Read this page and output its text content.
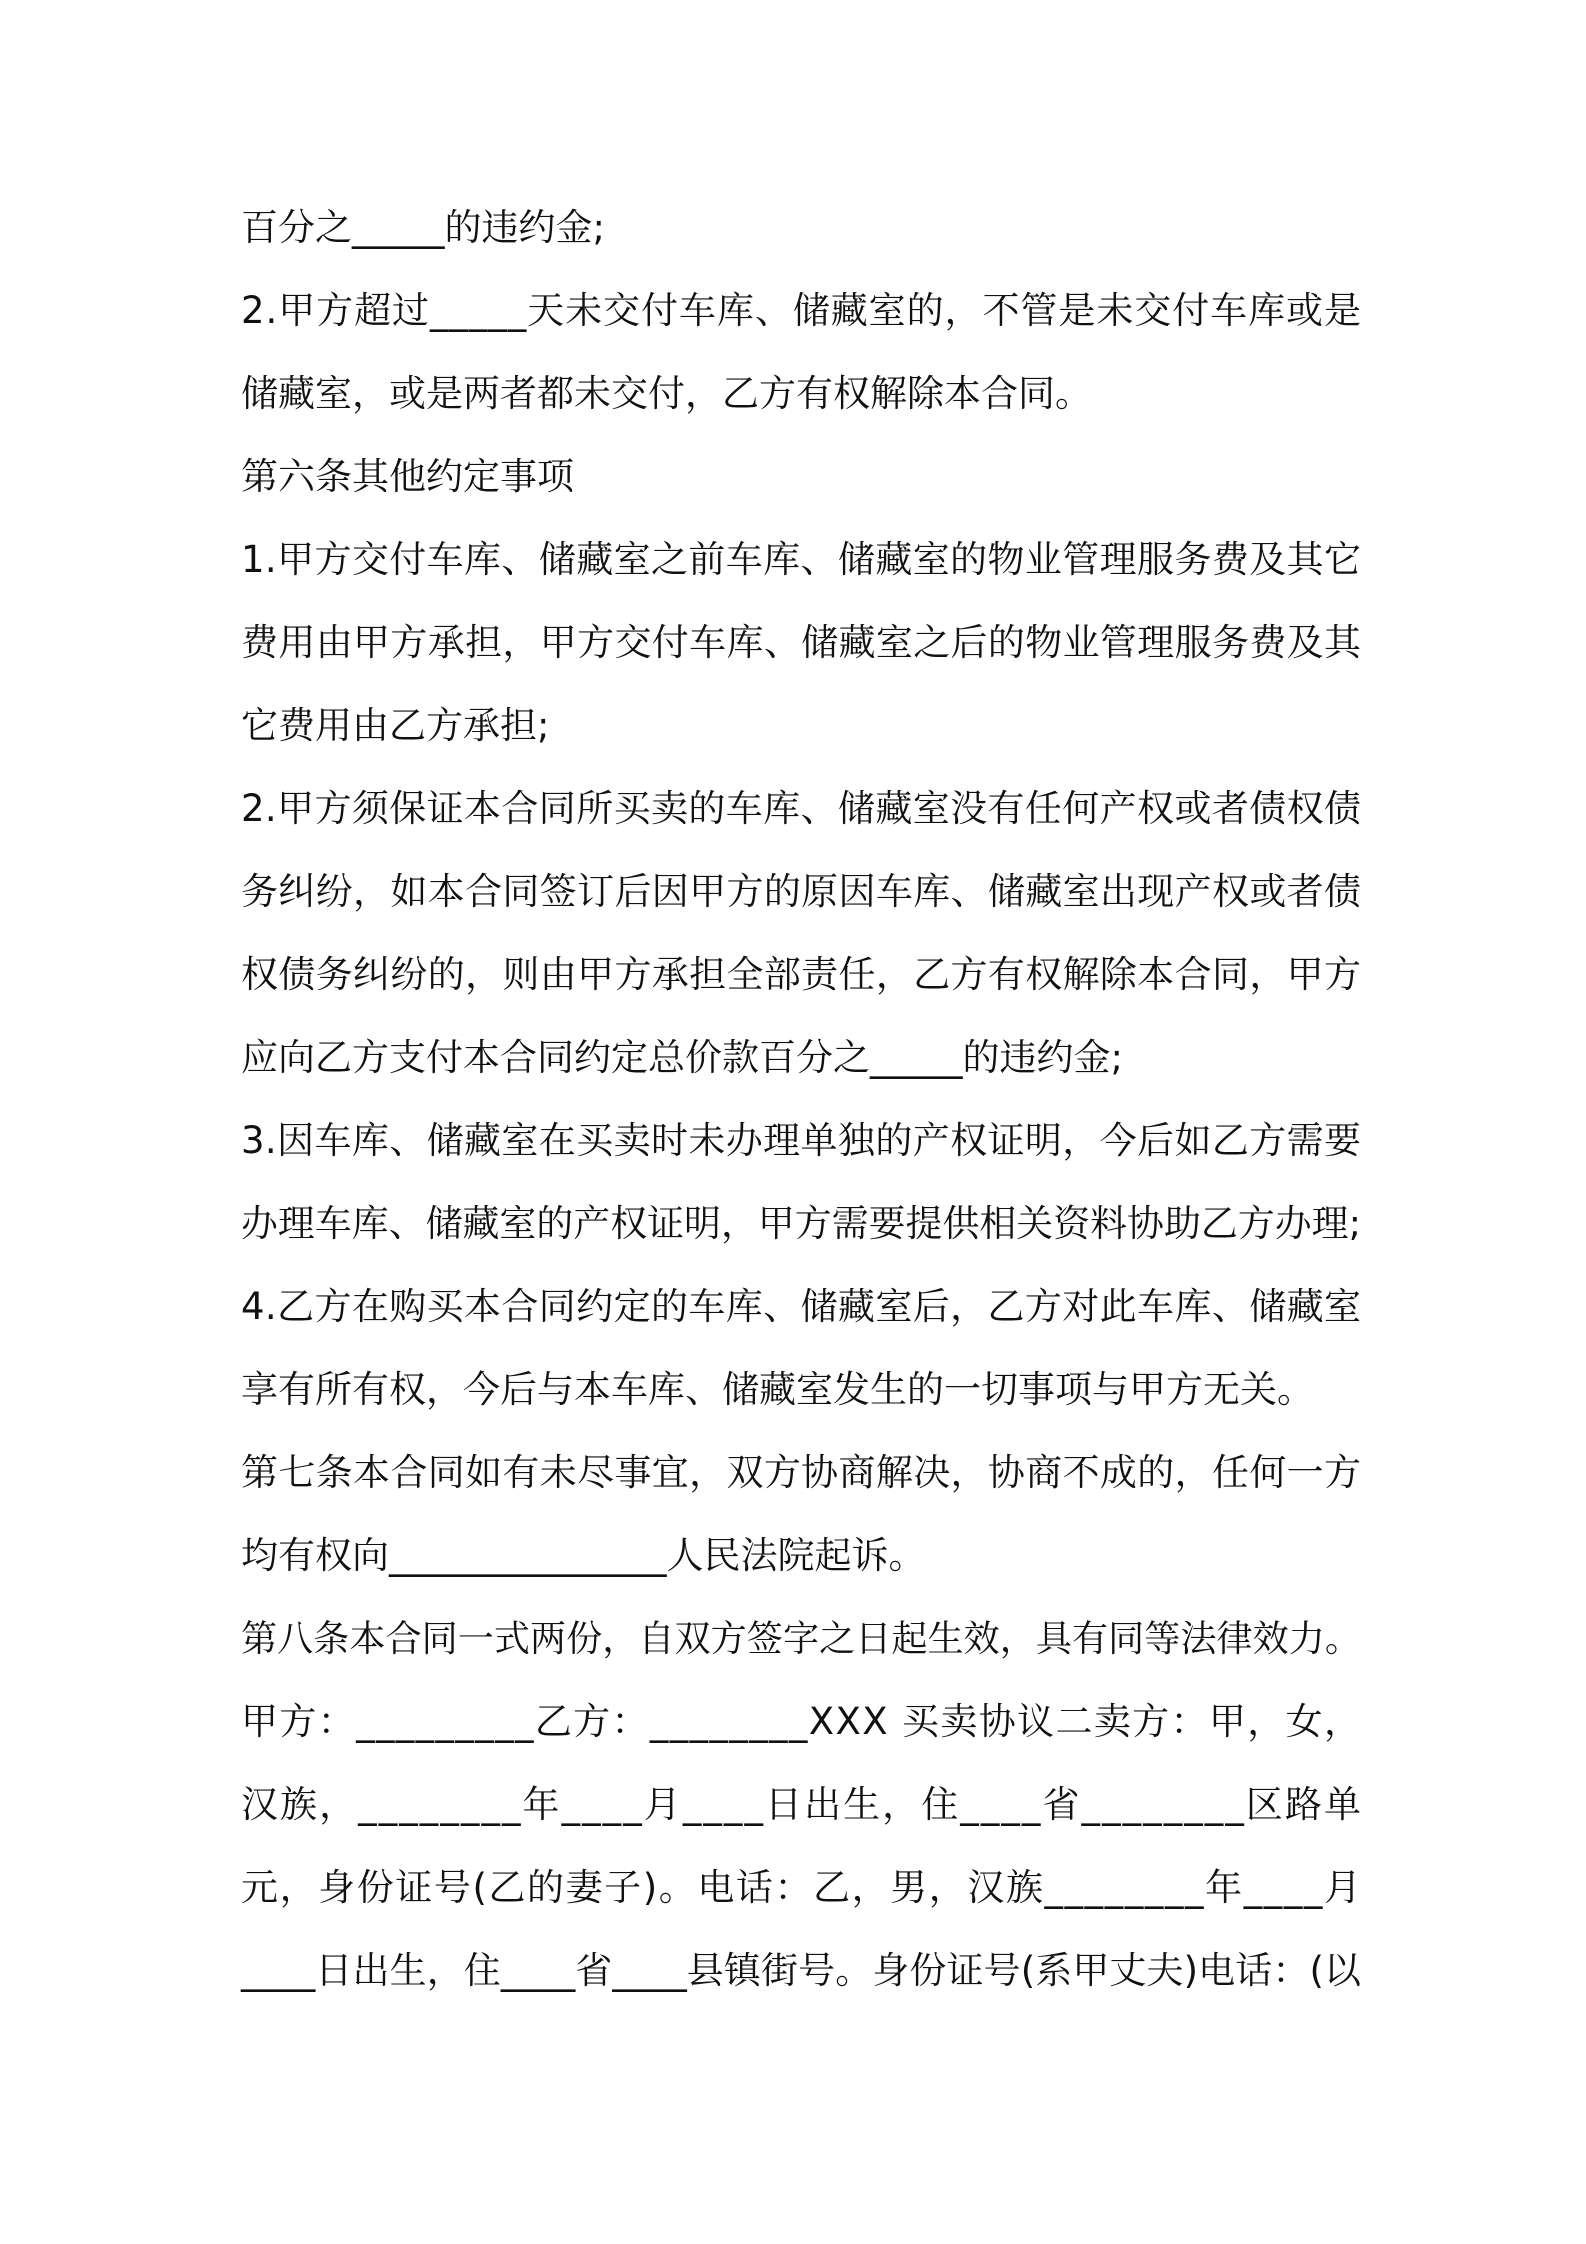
百分之_____的违约金;
2.甲方超过_____天未交付车库、储藏室的，不管是未交付车库或是
储藏室，或是两者都未交付，乙方有权解除本合同。
第六条其他约定事项
1.甲方交付车库、储藏室之前车库、储藏室的物业管理服务费及其它
费用由甲方承担，甲方交付车库、储藏室之后的物业管理服务费及其
它费用由乙方承担;
2.甲方须保证本合同所买卖的车库、储藏室没有任何产权或者债权债
务纠纷，如本合同签订后因甲方的原因车库、储藏室出现产权或者债
权债务纠纷的，则由甲方承担全部责任，乙方有权解除本合同，甲方
应向乙方支付本合同约定总价款百分之_____的违约金;
3.因车库、储藏室在买卖时未办理单独的产权证明，今后如乙方需要
办理车库、储藏室的产权证明，甲方需要提供相关资料协助乙方办理;
4.乙方在购买本合同约定的车库、储藏室后，乙方对此车库、储藏室
享有所有权，今后与本车库、储藏室发生的一切事项与甲方无关。
第七条本合同如有未尽事宜，双方协商解决，协商不成的，任何一方
均有权向_______________人民法院起诉。
第八条本合同一式两份，自双方签字之日起生效，具有同等法律效力。
甲方：_________乙方：________XXX 买卖协议二卖方：甲，女，
汉族，________年____月____日出生，住____省________区路单
元，身份证号(乙的妻子)。电话：乙，男，汉族________年____月
____日出生，住____省____县镇街号。身份证号(系甲丈夫)电话：(以
